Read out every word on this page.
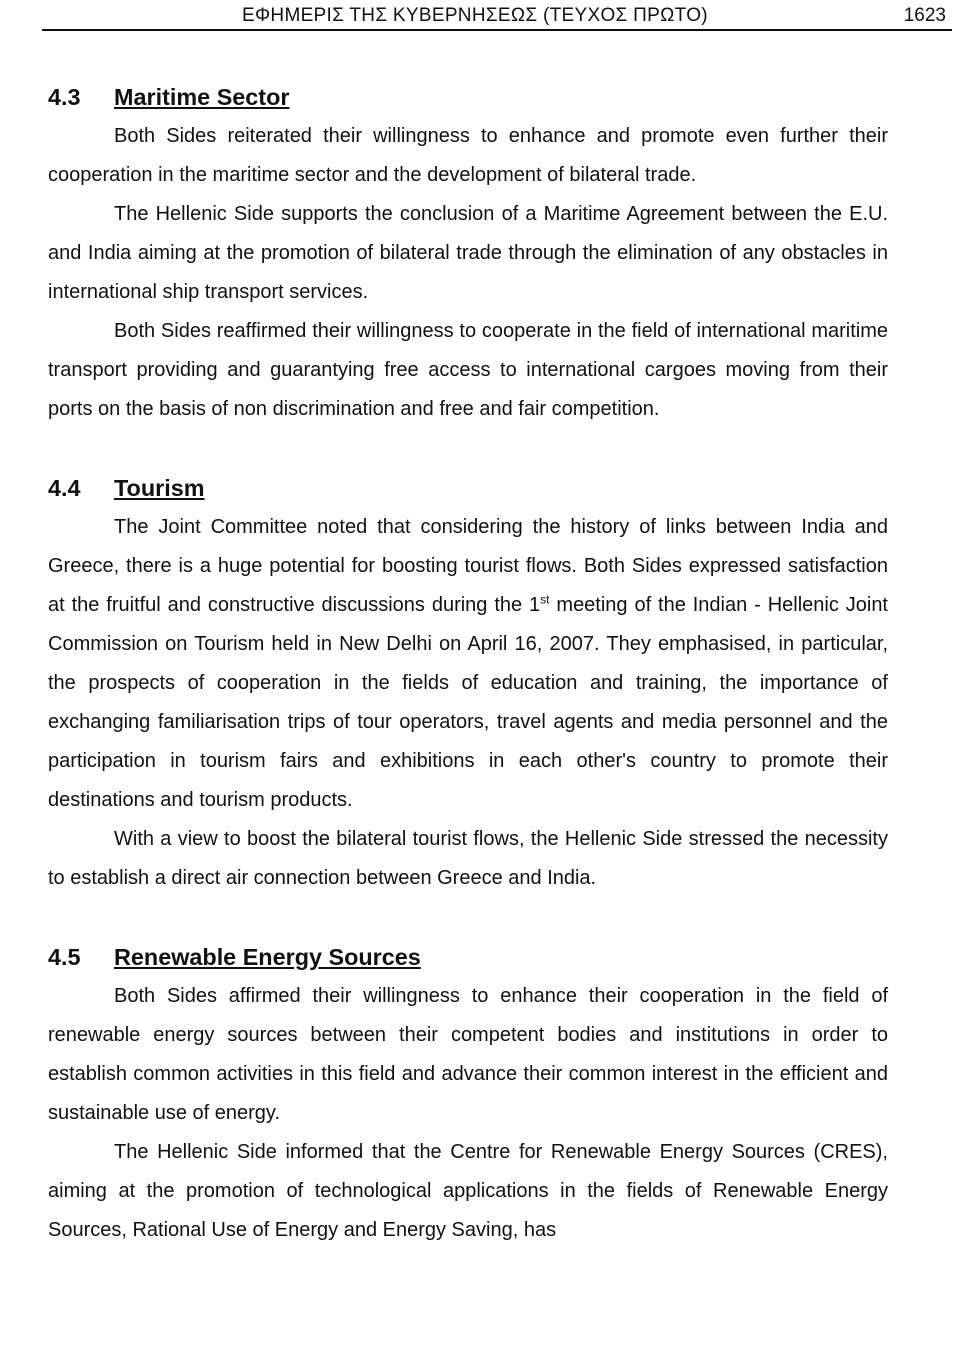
ΕΦΗΜΕΡΙΣ ΤΗΣ ΚΥΒΕΡΝΗΣΕΩΣ (ΤΕΥΧΟΣ ΠΡΩΤΟ)	1623
4.3 Maritime Sector

Both Sides reiterated their willingness to enhance and promote even further their cooperation in the maritime sector and the development of bilateral trade.

The Hellenic Side supports the conclusion of a Maritime Agreement between the E.U. and India aiming at the promotion of bilateral trade through the elimination of any obstacles in international ship transport services.

Both Sides reaffirmed their willingness to cooperate in the field of international maritime transport providing and guarantying free access to international cargoes moving from their ports on the basis of non discrimination and free and fair competition.

4.4 Tourism

The Joint Committee noted that considering the history of links between India and Greece, there is a huge potential for boosting tourist flows. Both Sides expressed satisfaction at the fruitful and constructive discussions during the 1st meeting of the Indian - Hellenic Joint Commission on Tourism held in New Delhi on April 16, 2007. They emphasised, in particular, the prospects of cooperation in the fields of education and training, the importance of exchanging familiarisation trips of tour operators, travel agents and media personnel and the participation in tourism fairs and exhibitions in each other's country to promote their destinations and tourism products.

With a view to boost the bilateral tourist flows, the Hellenic Side stressed the necessity to establish a direct air connection between Greece and India.

4.5 Renewable Energy Sources

Both Sides affirmed their willingness to enhance their cooperation in the field of renewable energy sources between their competent bodies and institutions in order to establish common activities in this field and advance their common interest in the efficient and sustainable use of energy.

The Hellenic Side informed that the Centre for Renewable Energy Sources (CRES), aiming at the promotion of technological applications in the fields of Renewable Energy Sources, Rational Use of Energy and Energy Saving, has
